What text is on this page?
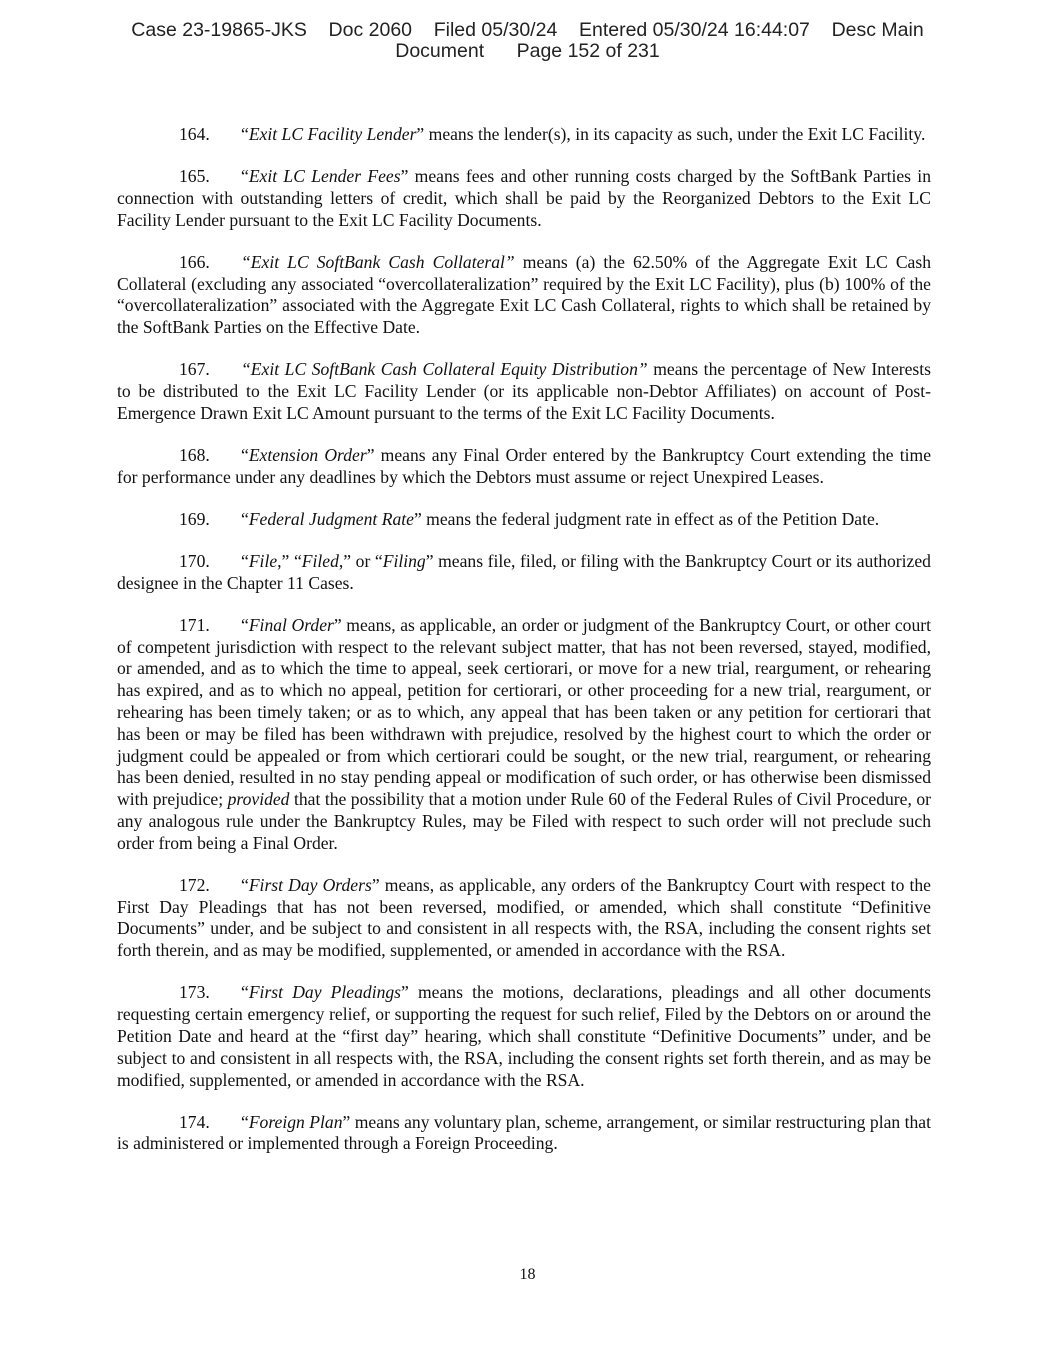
Case 23-19865-JKS    Doc 2060    Filed 05/30/24    Entered 05/30/24 16:44:07    Desc Main
Document      Page 152 of 231

164. “Exit LC Facility Lender” means the lender(s), in its capacity as such, under the Exit LC Facility.

165. “Exit LC Lender Fees” means fees and other running costs charged by the SoftBank Parties in connection with outstanding letters of credit, which shall be paid by the Reorganized Debtors to the Exit LC Facility Lender pursuant to the Exit LC Facility Documents.

166. “Exit LC SoftBank Cash Collateral” means (a) the 62.50% of the Aggregate Exit LC Cash Collateral (excluding any associated “overcollateralization” required by the Exit LC Facility), plus (b) 100% of the “overcollateralization” associated with the Aggregate Exit LC Cash Collateral, rights to which shall be retained by the SoftBank Parties on the Effective Date.

167. “Exit LC SoftBank Cash Collateral Equity Distribution” means the percentage of New Interests to be distributed to the Exit LC Facility Lender (or its applicable non-Debtor Affiliates) on account of Post-Emergence Drawn Exit LC Amount pursuant to the terms of the Exit LC Facility Documents.

168. “Extension Order” means any Final Order entered by the Bankruptcy Court extending the time for performance under any deadlines by which the Debtors must assume or reject Unexpired Leases.

169. “Federal Judgment Rate” means the federal judgment rate in effect as of the Petition Date.

170. “File,” “Filed,” or “Filing” means file, filed, or filing with the Bankruptcy Court or its authorized designee in the Chapter 11 Cases.

171. “Final Order” means, as applicable, an order or judgment of the Bankruptcy Court, or other court of competent jurisdiction with respect to the relevant subject matter, that has not been reversed, stayed, modified, or amended, and as to which the time to appeal, seek certiorari, or move for a new trial, reargument, or rehearing has expired, and as to which no appeal, petition for certiorari, or other proceeding for a new trial, reargument, or rehearing has been timely taken; or as to which, any appeal that has been taken or any petition for certiorari that has been or may be filed has been withdrawn with prejudice, resolved by the highest court to which the order or judgment could be appealed or from which certiorari could be sought, or the new trial, reargument, or rehearing has been denied, resulted in no stay pending appeal or modification of such order, or has otherwise been dismissed with prejudice; provided that the possibility that a motion under Rule 60 of the Federal Rules of Civil Procedure, or any analogous rule under the Bankruptcy Rules, may be Filed with respect to such order will not preclude such order from being a Final Order.

172. “First Day Orders” means, as applicable, any orders of the Bankruptcy Court with respect to the First Day Pleadings that has not been reversed, modified, or amended, which shall constitute “Definitive Documents” under, and be subject to and consistent in all respects with, the RSA, including the consent rights set forth therein, and as may be modified, supplemented, or amended in accordance with the RSA.

173. “First Day Pleadings” means the motions, declarations, pleadings and all other documents requesting certain emergency relief, or supporting the request for such relief, Filed by the Debtors on or around the Petition Date and heard at the “first day” hearing, which shall constitute “Definitive Documents” under, and be subject to and consistent in all respects with, the RSA, including the consent rights set forth therein, and as may be modified, supplemented, or amended in accordance with the RSA.

174. “Foreign Plan” means any voluntary plan, scheme, arrangement, or similar restructuring plan that is administered or implemented through a Foreign Proceeding.

18
